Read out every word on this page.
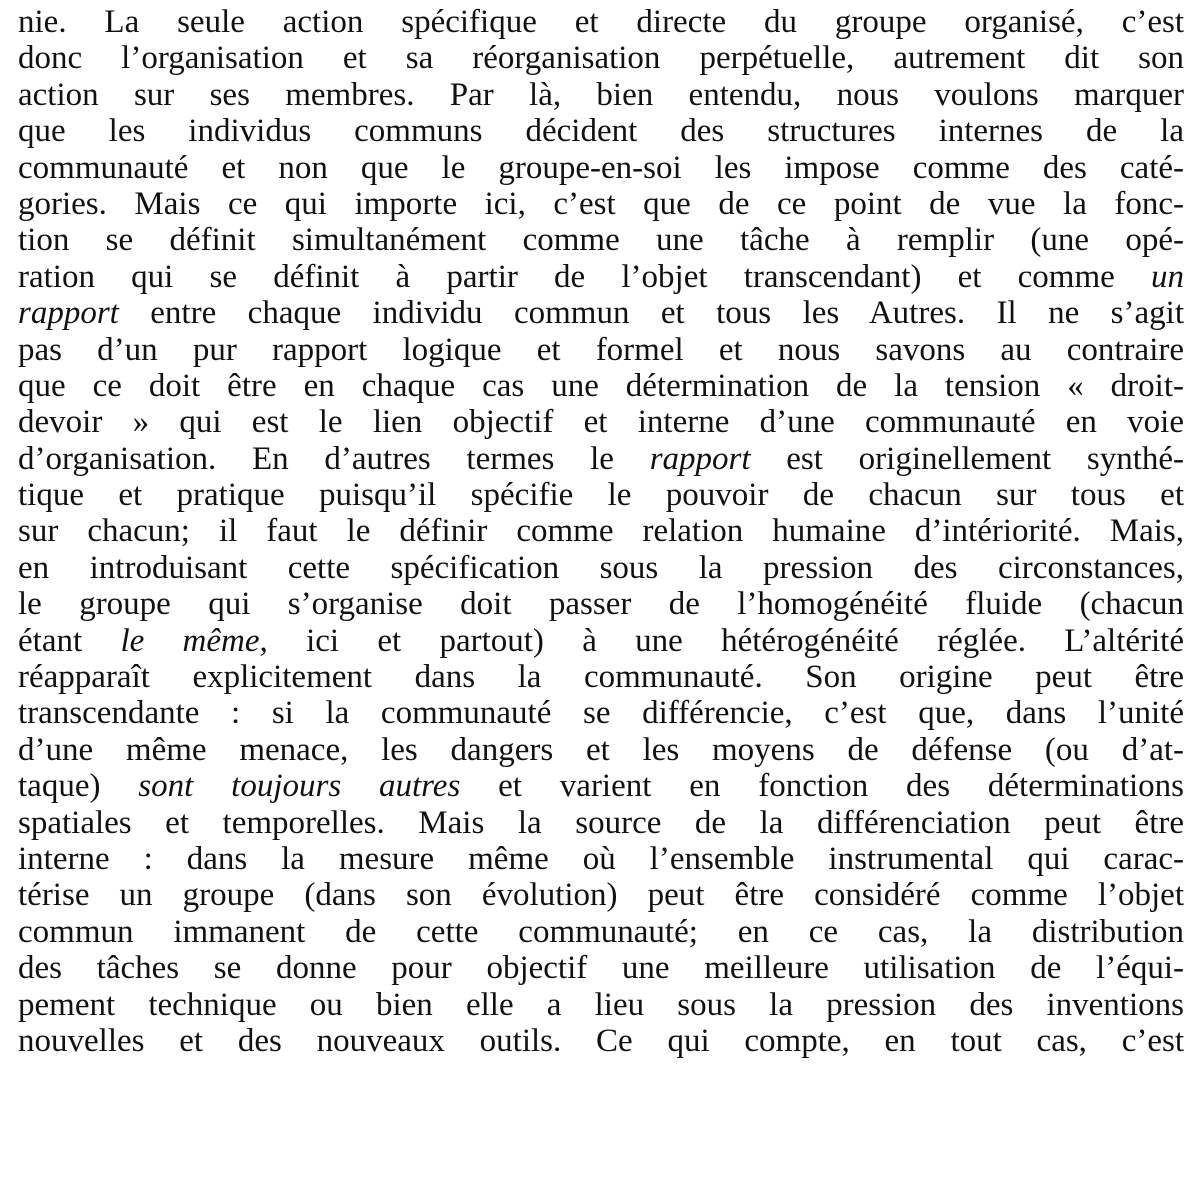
nie. La seule action spécifique et directe du groupe organisé, c’est
donc l’organisation et sa réorganisation perpétuelle, autrement dit son
action sur ses membres. Par là, bien entendu, nous voulons marquer
que les individus communs décident des structures internes de la
communauté et non que le groupe-en-soi les impose comme des caté-
gories. Mais ce qui importe ici, c’est que de ce point de vue la fonc-
tion se définit simultanément comme une tâche à remplir (une opé-
ration qui se définit à partir de l’objet transcendant) et comme un
rapport entre chaque individu commun et tous les Autres. Il ne s’agit
pas d’un pur rapport logique et formel et nous savons au contraire
que ce doit être en chaque cas une détermination de la tension « droit-
devoir » qui est le lien objectif et interne d’une communauté en voie
d’organisation. En d’autres termes le rapport est originellement synthé-
tique et pratique puisqu’il spécifie le pouvoir de chacun sur tous et
sur chacun; il faut le définir comme relation humaine d’intériorité. Mais,
en introduisant cette spécification sous la pression des circonstances,
le groupe qui s’organise doit passer de l’homogénéité fluide (chacun
étant le même, ici et partout) à une hétérogénéité réglée. L’altérité
réapparaît explicitement dans la communauté. Son origine peut être
transcendante : si la communauté se différencie, c’est que, dans l’unité
d’une même menace, les dangers et les moyens de défense (ou d’at-
taque) sont toujours autres et varient en fonction des déterminations
spatiales et temporelles. Mais la source de la différenciation peut être
interne : dans la mesure même où l’ensemble instrumental qui carac-
térise un groupe (dans son évolution) peut être considéré comme l’objet
commun immanent de cette communauté; en ce cas, la distribution
des tâches se donne pour objectif une meilleure utilisation de l’équi-
pement technique ou bien elle a lieu sous la pression des inventions
nouvelles et des nouveaux outils. Ce qui compte, en tout cas, c’est
